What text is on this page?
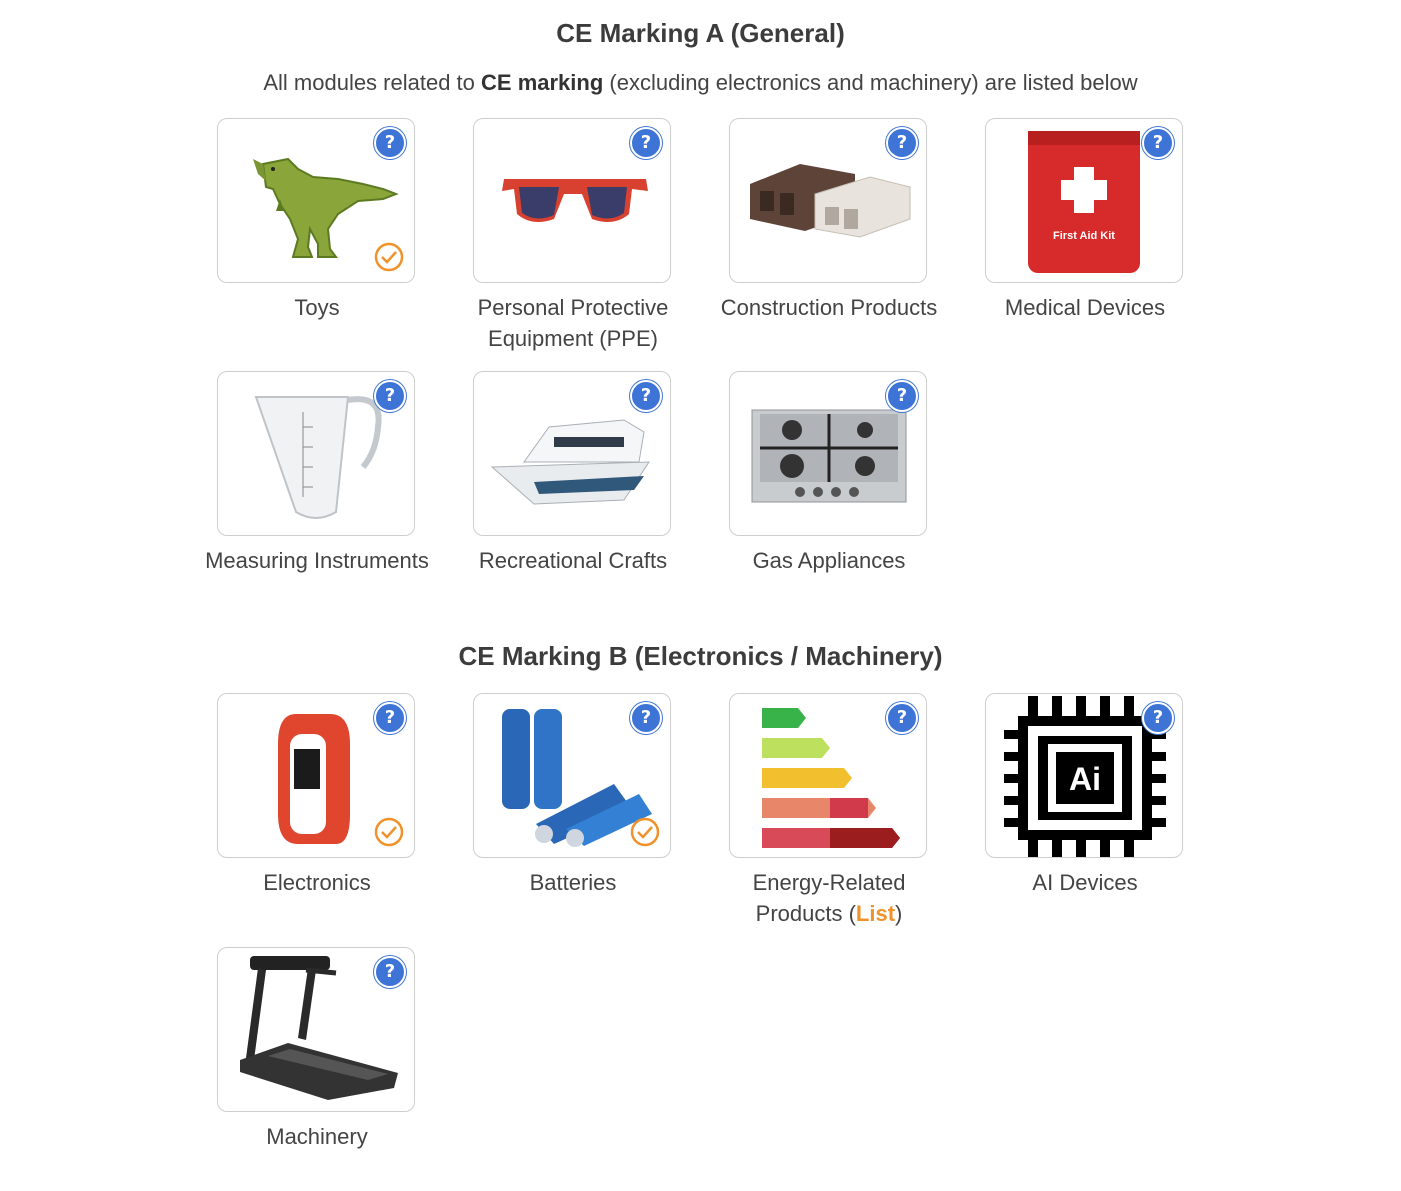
CE Marking A (General)
All modules related to CE marking (excluding electronics and machinery) are listed below
?
Toys
?
Personal Protective Equipment (PPE)
?
Construction Products
First Aid Kit
?
Medical Devices
?
Measuring Instruments
?
Recreational Crafts
?
Gas Appliances
CE Marking B (Electronics / Machinery)
?
Electronics
?
Batteries
?
Energy-Related Products (List)
Ai
?
AI Devices
?
Machinery
